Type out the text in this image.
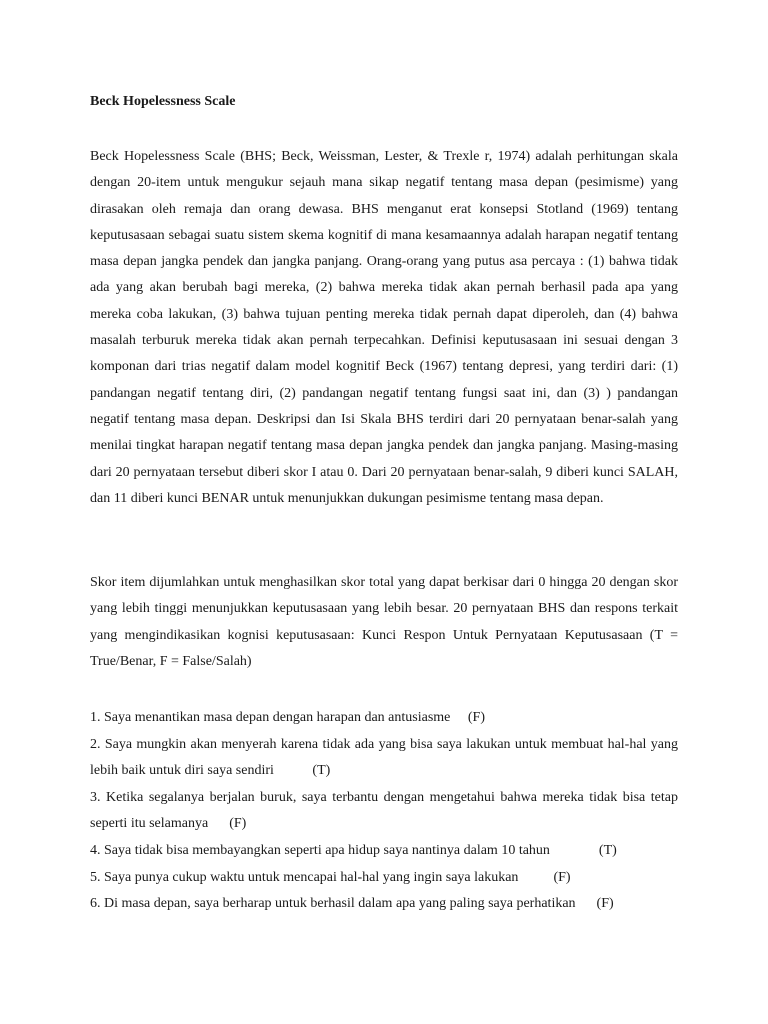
Beck Hopelessness Scale

Beck Hopelessness Scale (BHS; Beck, Weissman, Lester, & Trexle r, 1974) adalah perhitungan skala dengan 20-item untuk mengukur sejauh mana sikap negatif tentang masa depan (pesimisme) yang dirasakan oleh remaja dan orang dewasa. BHS menganut erat konsepsi Stotland (1969) tentang keputusasaan sebagai suatu sistem skema kognitif di mana kesamaannya adalah harapan negatif tentang masa depan jangka pendek dan jangka panjang. Orang-orang yang putus asa percaya : (1) bahwa tidak ada yang akan berubah bagi mereka, (2) bahwa mereka tidak akan pernah berhasil pada apa yang mereka coba lakukan, (3) bahwa tujuan penting mereka tidak pernah dapat diperoleh, dan (4) bahwa masalah terburuk mereka tidak akan pernah terpecahkan. Definisi keputusasaan ini sesuai dengan 3 komponan dari trias negatif dalam model kognitif Beck (1967) tentang depresi, yang terdiri dari: (1) pandangan negatif tentang diri, (2) pandangan negatif tentang fungsi saat ini, dan (3) ) pandangan negatif tentang masa depan. Deskripsi dan Isi Skala BHS terdiri dari 20 pernyataan benar-salah yang menilai tingkat harapan negatif tentang masa depan jangka pendek dan jangka panjang. Masing-masing dari 20 pernyataan tersebut diberi skor I atau 0. Dari 20 pernyataan benar-salah, 9 diberi kunci SALAH, dan 11 diberi kunci BENAR untuk menunjukkan dukungan pesimisme tentang masa depan.

Skor item dijumlahkan untuk menghasilkan skor total yang dapat berkisar dari 0 hingga 20 dengan skor yang lebih tinggi menunjukkan keputusasaan yang lebih besar. 20 pernyataan BHS dan respons terkait yang mengindikasikan kognisi keputusasaan: Kunci Respon Untuk Pernyataan Keputusasaan (T = True/Benar, F = False/Salah)

1. Saya menantikan masa depan dengan harapan dan antusiasme (F)
2. Saya mungkin akan menyerah karena tidak ada yang bisa saya lakukan untuk membuat hal-hal yang lebih baik untuk diri saya sendiri	(T)
3. Ketika segalanya berjalan buruk, saya terbantu dengan mengetahui bahwa mereka tidak bisa tetap seperti itu selamanya (F)
4. Saya tidak bisa membayangkan seperti apa hidup saya nantinya dalam 10 tahun	(T)
5. Saya punya cukup waktu untuk mencapai hal-hal yang ingin saya lakukan	(F)
6. Di masa depan, saya berharap untuk berhasil dalam apa yang paling saya perhatikan (F)
